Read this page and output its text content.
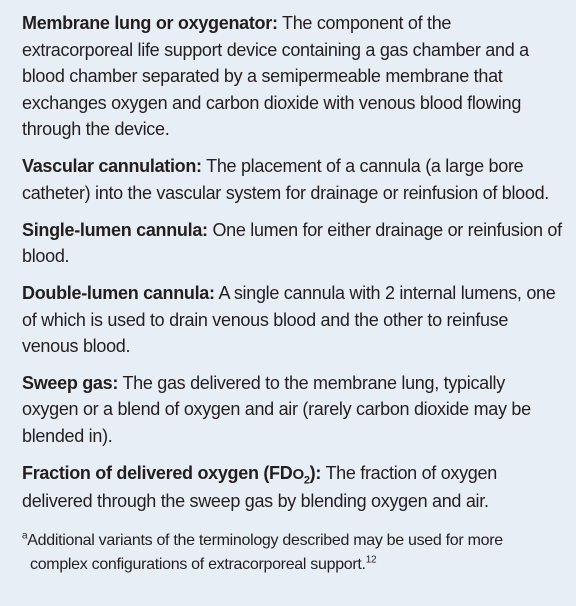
Membrane lung or oxygenator: The component of the extracorporeal life support device containing a gas chamber and a blood chamber separated by a semipermeable membrane that exchanges oxygen and carbon dioxide with venous blood flowing through the device.

Vascular cannulation: The placement of a cannula (a large bore catheter) into the vascular system for drainage or reinfusion of blood.

Single-lumen cannula: One lumen for either drainage or reinfusion of blood.

Double-lumen cannula: A single cannula with 2 internal lumens, one of which is used to drain venous blood and the other to reinfuse venous blood.

Sweep gas: The gas delivered to the membrane lung, typically oxygen or a blend of oxygen and air (rarely carbon dioxide may be blended in).

Fraction of delivered oxygen $(FDO_2)$: The fraction of oxygen delivered through the sweep gas by blending oxygen and air.

$^a$Additional variants of the terminology described may be used for more complex configurations of extracorporeal support.$^{12}$
